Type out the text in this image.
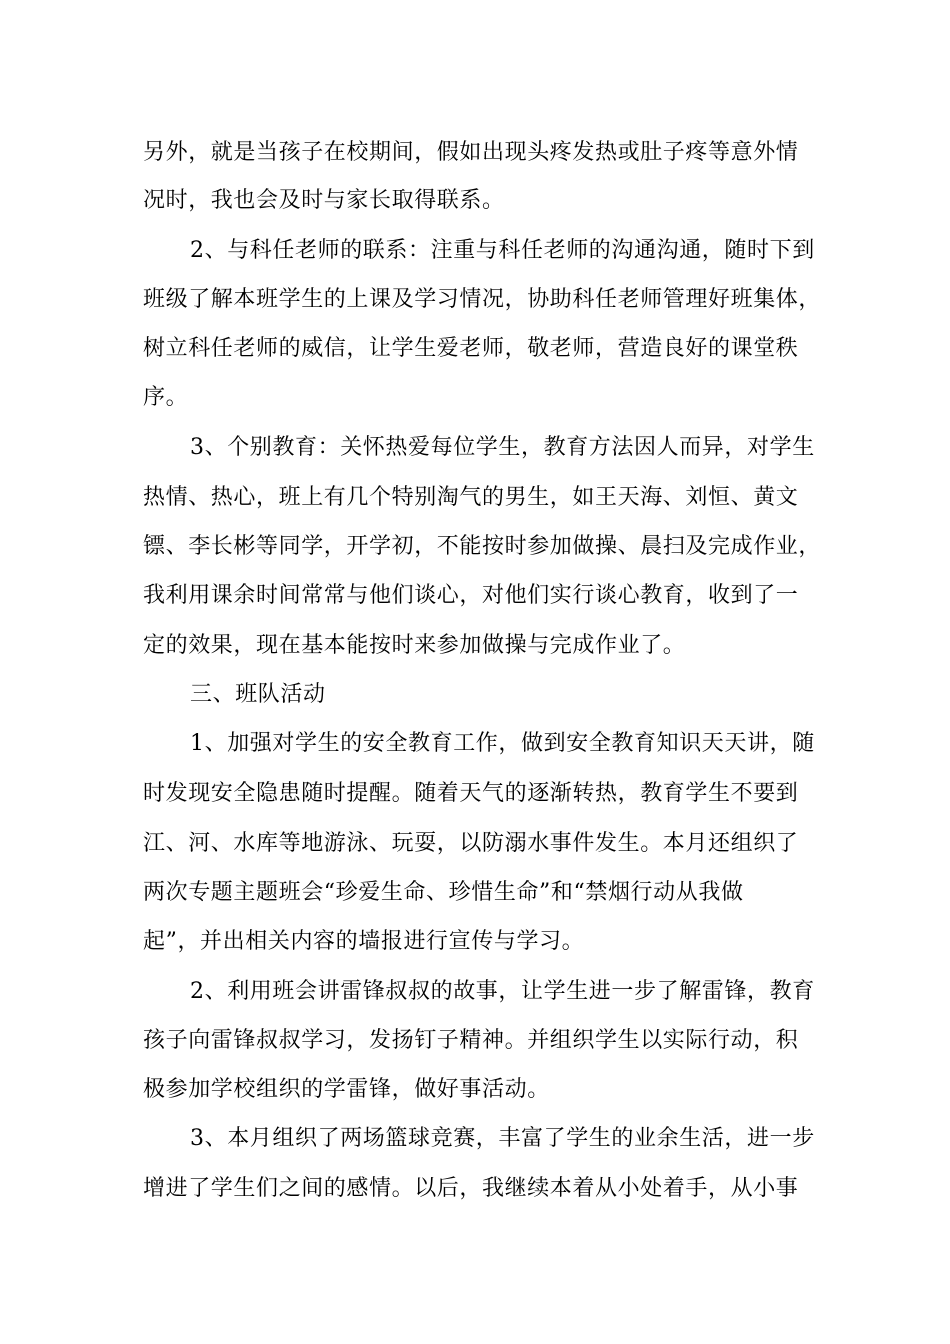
另外，就是当孩子在校期间，假如出现头疼发热或肚子疼等意外情
况时，我也会及时与家长取得联系。
2、与科任老师的联系：注重与科任老师的沟通沟通，随时下到
班级了解本班学生的上课及学习情况，协助科任老师管理好班集体，
树立科任老师的威信，让学生爱老师，敬老师，营造良好的课堂秩
序。
3、个别教育：关怀热爱每位学生，教育方法因人而异，对学生
热情、热心，班上有几个特别淘气的男生，如王天海、刘恒、黄文
镖、李长彬等同学，开学初，不能按时参加做操、晨扫及完成作业，
我利用课余时间常常与他们谈心，对他们实行谈心教育，收到了一
定的效果，现在基本能按时来参加做操与完成作业了。
三、班队活动
1、加强对学生的安全教育工作，做到安全教育知识天天讲，随
时发现安全隐患随时提醒。随着天气的逐渐转热，教育学生不要到
江、河、水库等地游泳、玩耍，以防溺水事件发生。本月还组织了
两次专题主题班会“珍爱生命、珍惜生命”和“禁烟行动从我做
起”，并出相关内容的墙报进行宣传与学习。
2、利用班会讲雷锋叔叔的故事，让学生进一步了解雷锋，教育
孩子向雷锋叔叔学习，发扬钉子精神。并组织学生以实际行动，积
极参加学校组织的学雷锋，做好事活动。
3、本月组织了两场篮球竞赛，丰富了学生的业余生活，进一步
增进了学生们之间的感情。以后，我继续本着从小处着手，从小事
